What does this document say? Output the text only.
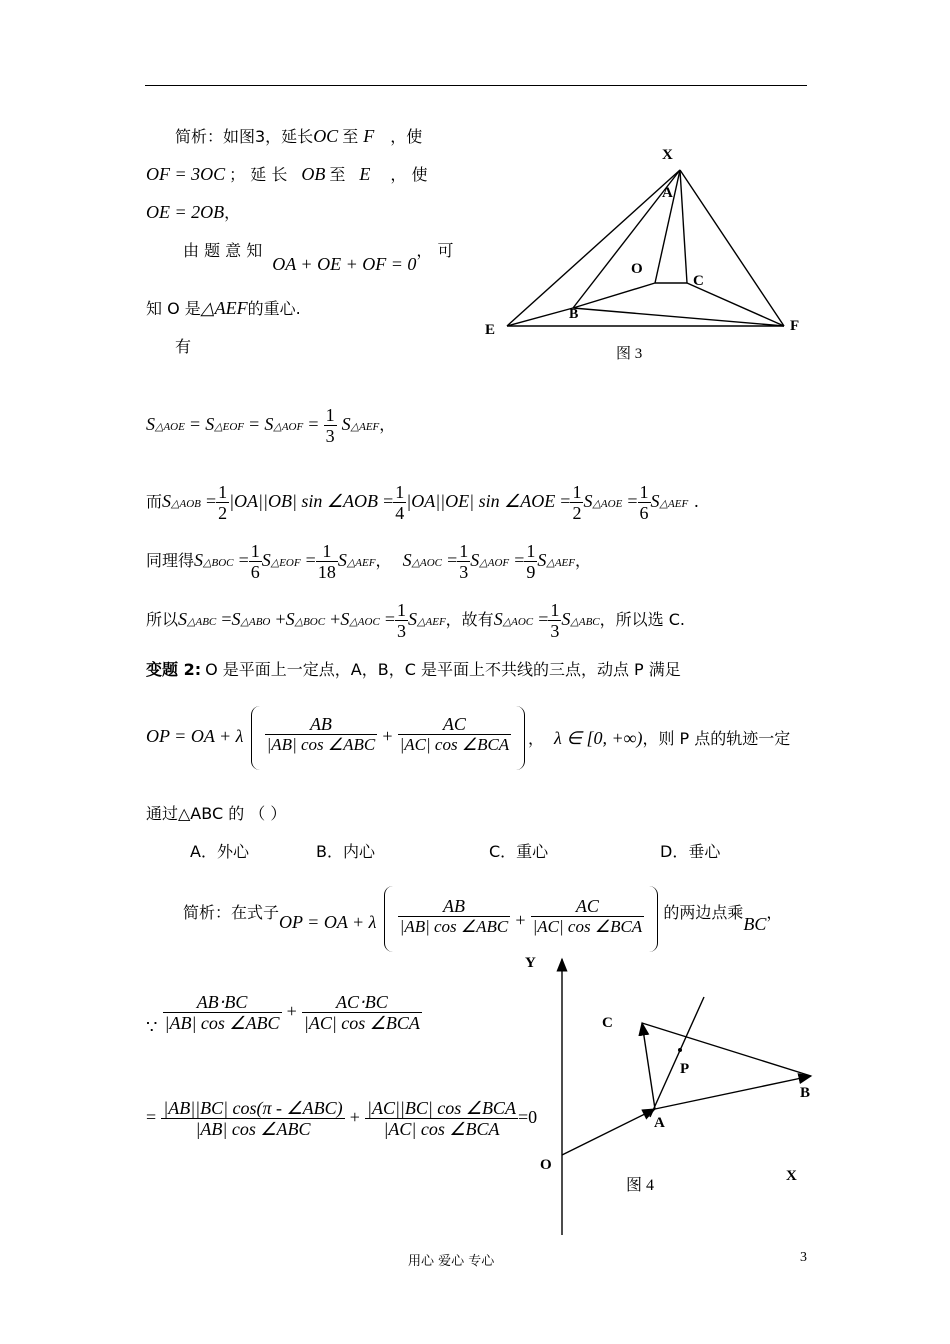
简析：如图3，延长OC 至 F ，使
OF = 3OC ； 延 长 OB 至 E ， 使
OE = 2OB，
由 题 意 知OA + OE + OF = 0， 可
知 O 是△AEF的重心.
有
X
A
O
C
B
E	F
图 3
S△AOE = S△EOF = S△AOF = $\frac{1}{3}$ S△AEF，
而S△AOB = $\frac{1}{2} |OA||OB|$ sin ∠AOB = $\frac{1}{4} |OA||OE|$ sin ∠AOE = $\frac{1}{2}$ S△AOE = $\frac{1}{6}$ S△AEF .
同理得S△BOC = $\frac{1}{6}$ S△EOF = $\frac{1}{18}$ S△AEF， S△AOC = $\frac{1}{3}$ S△AOF = $\frac{1}{9}$ S△AEF，
所以S△ABC =S△ABO +S△BOC +S△AOC = $\frac{1}{3}$ S△AEF，故有S△AOC = $\frac{1}{3}$ S△ABC，所以选 C.
变题 2: O 是平面上一定点，A，B，C 是平面上不共线的三点，动点 P 满足
OP = OA + λ $\frac{AB}{\text{|AB| cos ∠ABC}} + \frac{AC}{\text{|AC| cos ∠BCA}}$
， λ ∈ [0, +∞)，则 P 点的轨迹一定
通过△ABC 的 （ ）
A．外心	B．内心	C．重心	D．垂心
简析：在式子OP = OA + λ $\frac{AB}{\text{|AB| cos ∠ABC}} + \frac{AC}{\text{|AC| cos ∠BCA}}$ 的两边点乘BC，
∵ $\frac{AB\cdot BC}{\text{|AB| cos ∠ABC}} + \frac{AC\cdot BC}{\text{|AC| cos ∠BCA}}$
= $\frac{\text{|AB||BC| cos(π - ∠ABC)}}{\text{|AB| cos ∠ABC}} + \frac{\text{|AC||BC| cos ∠BCA}}{\text{|AC| cos ∠BCA}} =0$
Y
C
P
B
A
O
X
图 4
用心 爱心 专心	3
